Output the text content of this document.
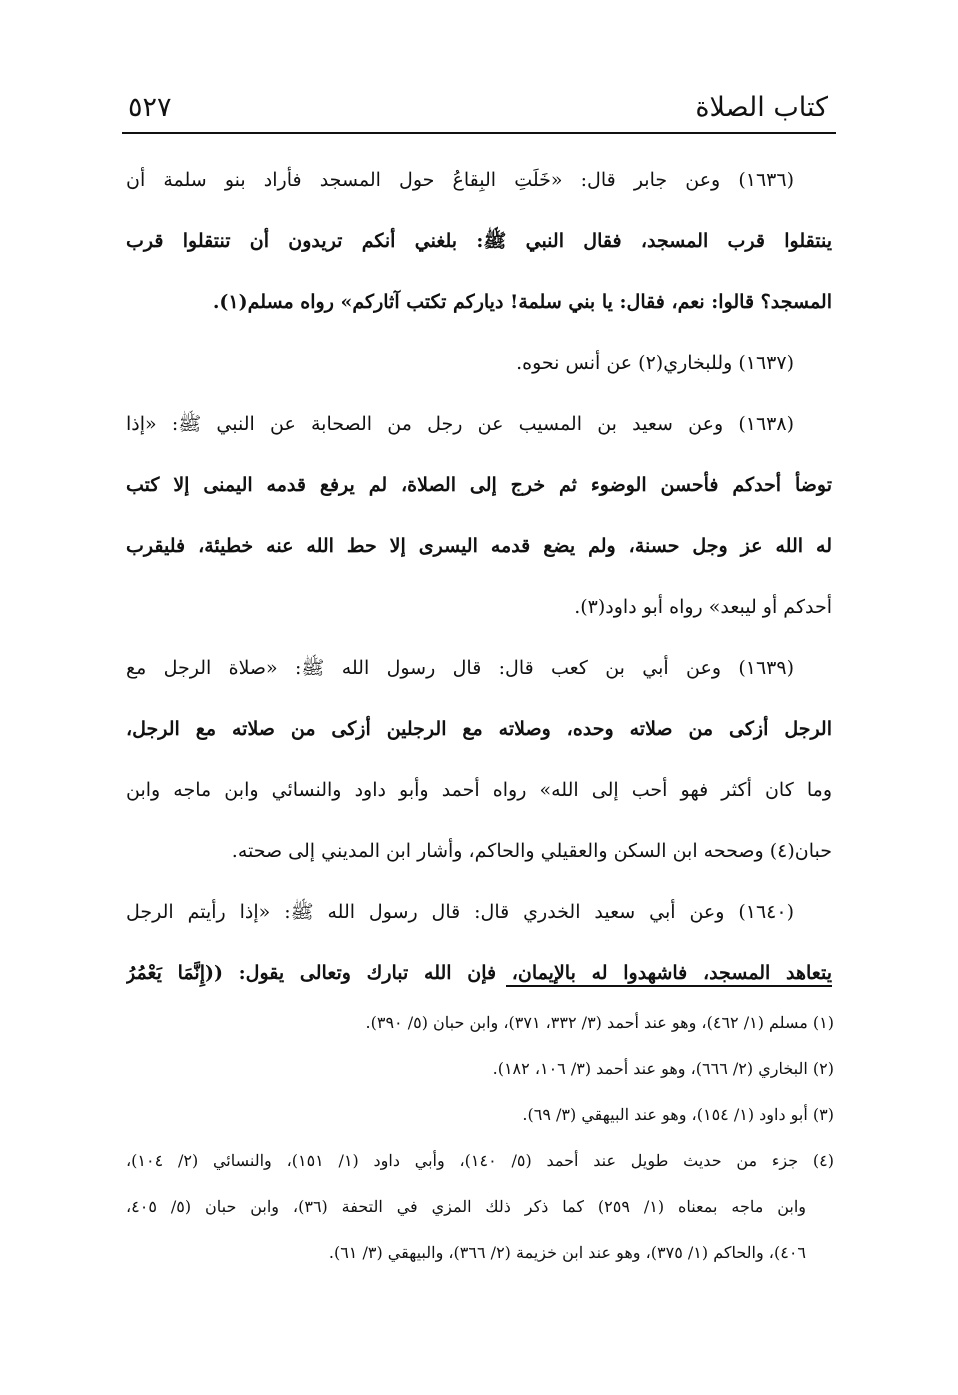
كتاب الصلاة
٥٢٧
(١٦٣٦) وعن جابر قال: «خَلَتِ البِقاعُ حول المسجد فأراد بنو سلمة أن
ينتقلوا قرب المسجد، فقال النبي ﷺ: بلغني أنكم تريدون أن تنتقلوا قرب
المسجد؟ قالوا: نعم، فقال: يا بني سلمة! دياركم تكتب آثاركم» رواه مسلم(١).
(١٦٣٧) وللبخاري(٢) عن أنس نحوه.
(١٦٣٨) وعن سعيد بن المسيب عن رجل من الصحابة عن النبي ﷺ: «إذا
توضأ أحدكم فأحسن الوضوء ثم خرج إلى الصلاة، لم يرفع قدمه اليمنى إلا كتب
له الله عز وجل حسنة، ولم يضع قدمه اليسرى إلا حط الله عنه خطيئة، فليقرب
أحدكم أو ليبعد» رواه أبو داود(٣).
(١٦٣٩) وعن أبي بن كعب قال: قال رسول الله ﷺ: «صلاة الرجل مع
الرجل أزكى من صلاته وحده، وصلاته مع الرجلين أزكى من صلاته مع الرجل،
وما كان أكثر فهو أحب إلى الله» رواه أحمد وأبو داود والنسائي وابن ماجه وابن
حبان(٤) وصححه ابن السكن والعقيلي والحاكم، وأشار ابن المديني إلى صحته.
(١٦٤٠) وعن أبي سعيد الخدري قال: قال رسول الله ﷺ: «إذا رأيتم الرجل
يتعاهد المسجد، فاشهدوا له بالإيمان، فإن الله تبارك وتعالى يقول: ((إِنَّمَا يَعْمُرُ
(١) مسلم (١/ ٤٦٢)، وهو عند أحمد (٣/ ٣٣٢، ٣٧١)، وابن حبان (٥/ ٣٩٠).
(٢) البخاري (٢/ ٦٦٦)، وهو عند أحمد (٣/ ١٠٦، ١٨٢).
(٣) أبو داود (١/ ١٥٤)، وهو عند البيهقي (٣/ ٦٩).
(٤) جزء من حديث طويل عند أحمد (٥/ ١٤٠)، وأبي داود (١/ ١٥١)، والنسائي (٢/ ١٠٤)،
وابن ماجه بمعناه (١/ ٢٥٩) كما ذكر ذلك المزي في التحفة (٣٦)، وابن حبان (٥/ ٤٠٥،
٤٠٦)، والحاكم (١/ ٣٧٥)، وهو عند ابن خزيمة (٢/ ٣٦٦)، والبيهقي (٣/ ٦١).
